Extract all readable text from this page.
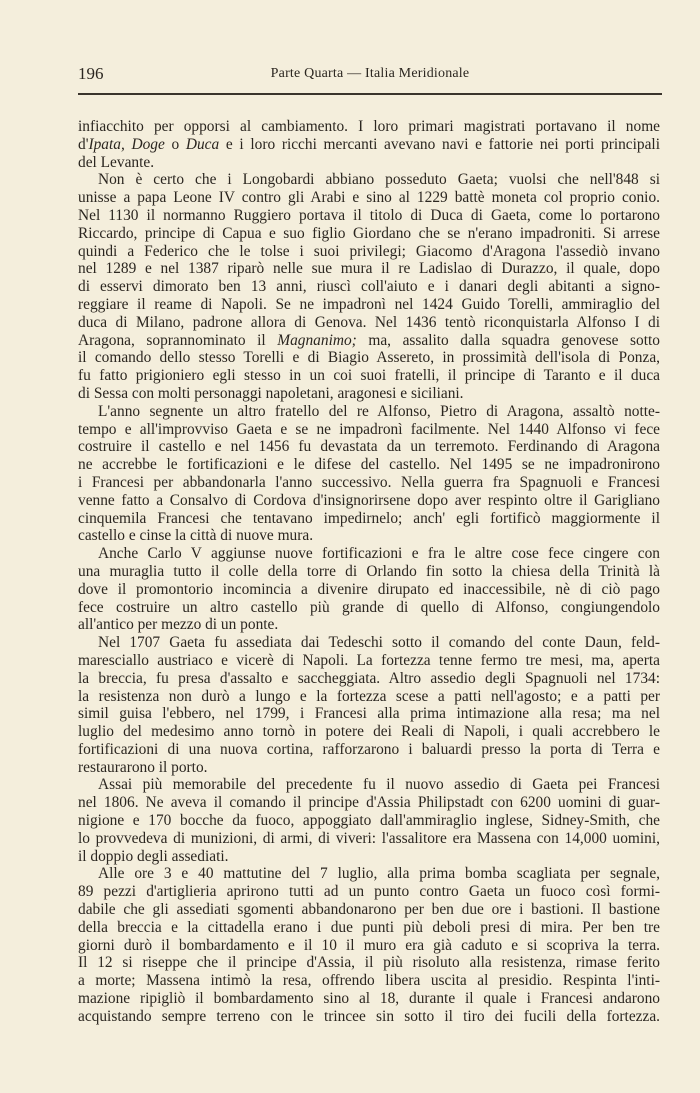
196	Parte Quarta — Italia Meridionale
infiacchito per opporsi al cambiamento. I loro primari magistrati portavano il nome
d'Ipata, Doge o Duca e i loro ricchi mercanti avevano navi e fattorie nei porti principali
del Levante.
Non è certo che i Longobardi abbiano posseduto Gaeta; vuolsi che nell'848 si
unisse a papa Leone IV contro gli Arabi e sino al 1229 battè moneta col proprio conio.
Nel 1130 il normanno Ruggiero portava il titolo di Duca di Gaeta, come lo portarono
Riccardo, principe di Capua e suo figlio Giordano che se n'erano impadroniti. Si arrese
quindi a Federico che le tolse i suoi privilegi; Giacomo d'Aragona l'assediò invano
nel 1289 e nel 1387 riparò nelle sue mura il re Ladislao di Durazzo, il quale, dopo
di esservi dimorato ben 13 anni, riuscì coll'aiuto e i danari degli abitanti a signo-
reggiare il reame di Napoli. Se ne impadronì nel 1424 Guido Torelli, ammiraglio del
duca di Milano, padrone allora di Genova. Nel 1436 tentò riconquistarla Alfonso I di
Aragona, soprannominato il Magnanimo; ma, assalito dalla squadra genovese sotto
il comando dello stesso Torelli e di Biagio Assereto, in prossimità dell'isola di Ponza,
fu fatto prigioniero egli stesso in un coi suoi fratelli, il principe di Taranto e il duca
di Sessa con molti personaggi napoletani, aragonesi e siciliani.
L'anno segnente un altro fratello del re Alfonso, Pietro di Aragona, assaltò notte-
tempo e all'improvviso Gaeta e se ne impadronì facilmente. Nel 1440 Alfonso vi fece
costruire il castello e nel 1456 fu devastata da un terremoto. Ferdinando di Aragona
ne accrebbe le fortificazioni e le difese del castello. Nel 1495 se ne impadronirono
i Francesi per abbandonarla l'anno successivo. Nella guerra fra Spagnuoli e Francesi
venne fatto a Consalvo di Cordova d'insignorirsene dopo aver respinto oltre il Garigliano
cinquemila Francesi che tentavano impedirnelo; anch' egli fortificò maggiormente il
castello e cinse la città di nuove mura.
Anche Carlo V aggiunse nuove fortificazioni e fra le altre cose fece cingere con
una muraglia tutto il colle della torre di Orlando fin sotto la chiesa della Trinità là
dove il promontorio incomincia a divenire dirupato ed inaccessibile, nè di ciò pago
fece costruire un altro castello più grande di quello di Alfonso, congiungendolo
all'antico per mezzo di un ponte.
Nel 1707 Gaeta fu assediata dai Tedeschi sotto il comando del conte Daun, feld-
maresciallo austriaco e vicerè di Napoli. La fortezza tenne fermo tre mesi, ma, aperta
la breccia, fu presa d'assalto e saccheggiata. Altro assedio degli Spagnuoli nel 1734:
la resistenza non durò a lungo e la fortezza scese a patti nell'agosto; e a patti per
simil guisa l'ebbero, nel 1799, i Francesi alla prima intimazione alla resa; ma nel
luglio del medesimo anno tornò in potere dei Reali di Napoli, i quali accrebbero le
fortificazioni di una nuova cortina, rafforzarono i baluardi presso la porta di Terra e
restaurarono il porto.
Assai più memorabile del precedente fu il nuovo assedio di Gaeta pei Francesi
nel 1806. Ne aveva il comando il principe d'Assia Philipstadt con 6200 uomini di guar-
nigione e 170 bocche da fuoco, appoggiato dall'ammiraglio inglese, Sidney-Smith, che
lo provvedeva di munizioni, di armi, di viveri: l'assalitore era Massena con 14,000 uomini,
il doppio degli assediati.
Alle ore 3 e 40 mattutine del 7 luglio, alla prima bomba scagliata per segnale,
89 pezzi d'artiglieria aprirono tutti ad un punto contro Gaeta un fuoco così formi-
dabile che gli assediati sgomenti abbandonarono per ben due ore i bastioni. Il bastione
della breccia e la cittadella erano i due punti più deboli presi di mira. Per ben tre
giorni durò il bombardamento e il 10 il muro era già caduto e si scopriva la terra.
Il 12 si riseppe che il principe d'Assia, il più risoluto alla resistenza, rimase ferito
a morte; Massena intimò la resa, offrendo libera uscita al presidio. Respinta l'inti-
mazione ripigliò il bombardamento sino al 18, durante il quale i Francesi andarono
acquistando sempre terreno con le trincee sin sotto il tiro dei fucili della fortezza.
